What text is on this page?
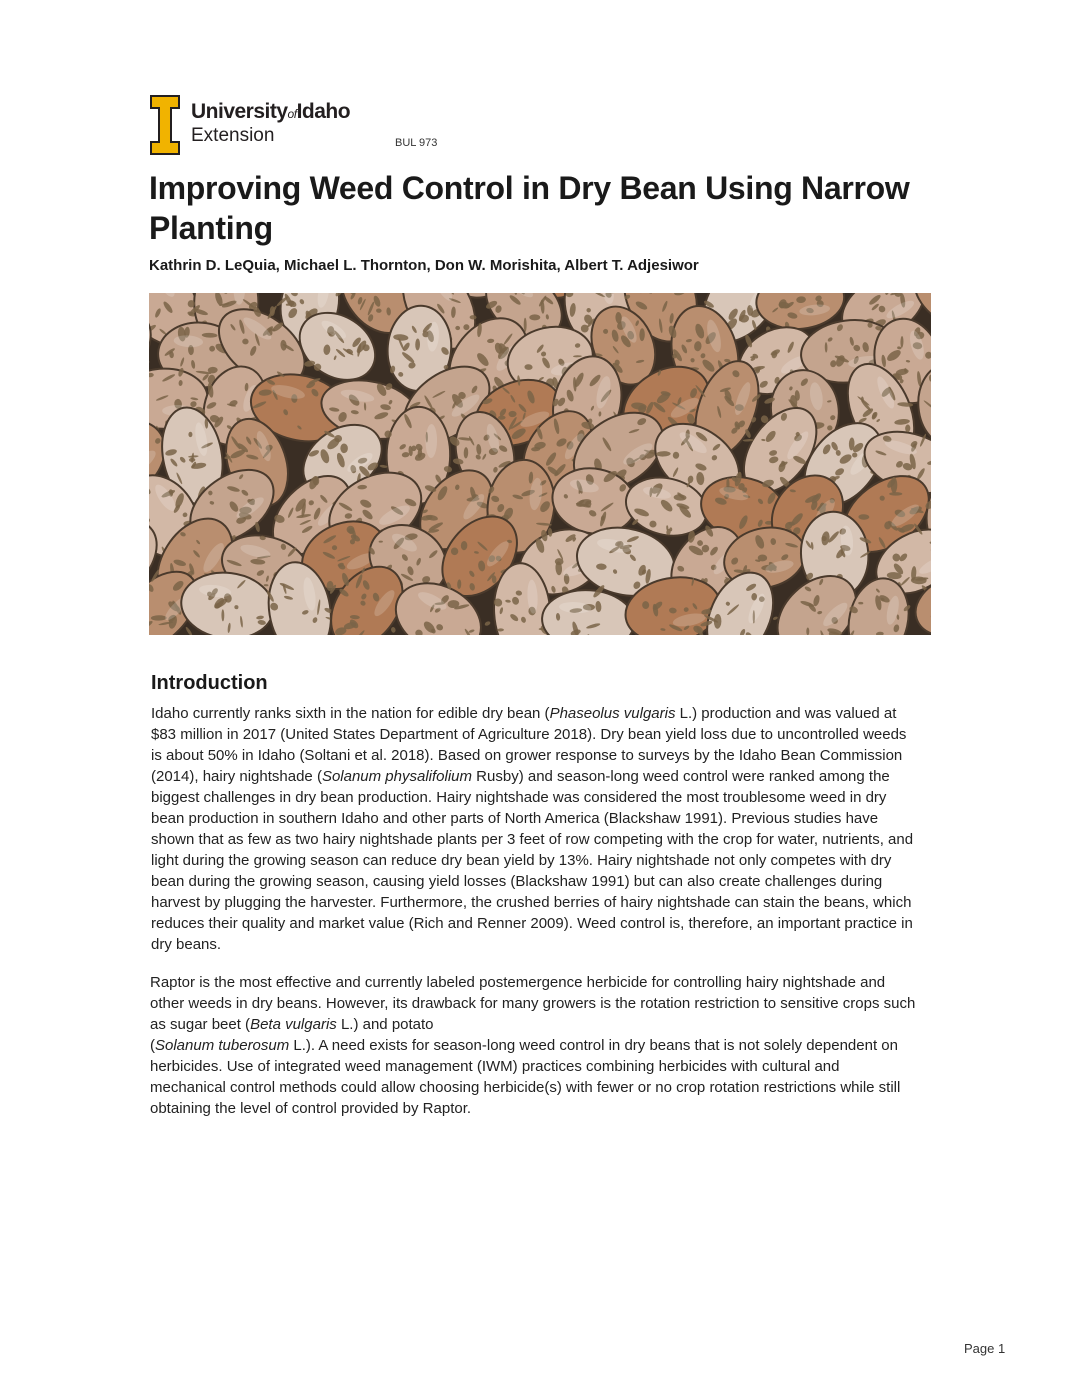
UniversityofIdaho
Extension	BUL 973
Improving Weed Control in Dry Bean Using Narrow Planting
Kathrin D. LeQuia, Michael L. Thornton, Don W. Morishita, Albert T. Adjesiwor
Introduction

Idaho currently ranks sixth in the nation for edible dry bean (Phaseolus vulgaris L.) production and was valued at $83 million in 2017 (United States Department of Agriculture 2018). Dry bean yield loss due to uncontrolled weeds is about 50% in Idaho (Soltani et al. 2018). Based on grower response to surveys by the Idaho Bean Commission (2014), hairy nightshade (Solanum physalifolium Rusby) and season-long weed control were ranked among the biggest challenges in dry bean production. Hairy nightshade was considered the most troublesome weed in dry bean production in southern Idaho and other parts of North America (Blackshaw 1991). Previous studies have shown that as few as two hairy nightshade plants per 3 feet of row competing with the crop for water, nutrients, and light during the growing season can reduce dry bean yield by 13%. Hairy nightshade not only competes with dry bean during the growing season, causing yield losses (Blackshaw 1991) but can also create challenges during harvest by plugging the harvester. Furthermore, the crushed berries of hairy nightshade can stain the beans, which reduces their quality and market value (Rich and Renner 2009). Weed control is, therefore, an important practice in dry beans.

Raptor is the most effective and currently labeled postemergence herbicide for controlling hairy nightshade and other weeds in dry beans. However, its drawback for many growers is the rotation restriction to sensitive crops such as sugar beet (Beta vulgaris L.) and potato
(Solanum tuberosum L.). A need exists for season-long weed control in dry beans that is not solely dependent on herbicides. Use of integrated weed management (IWM) practices combining herbicides with cultural and mechanical control methods could allow choosing herbicide(s) with fewer or no crop rotation restrictions while still obtaining the level of control provided by Raptor.

Page 1
